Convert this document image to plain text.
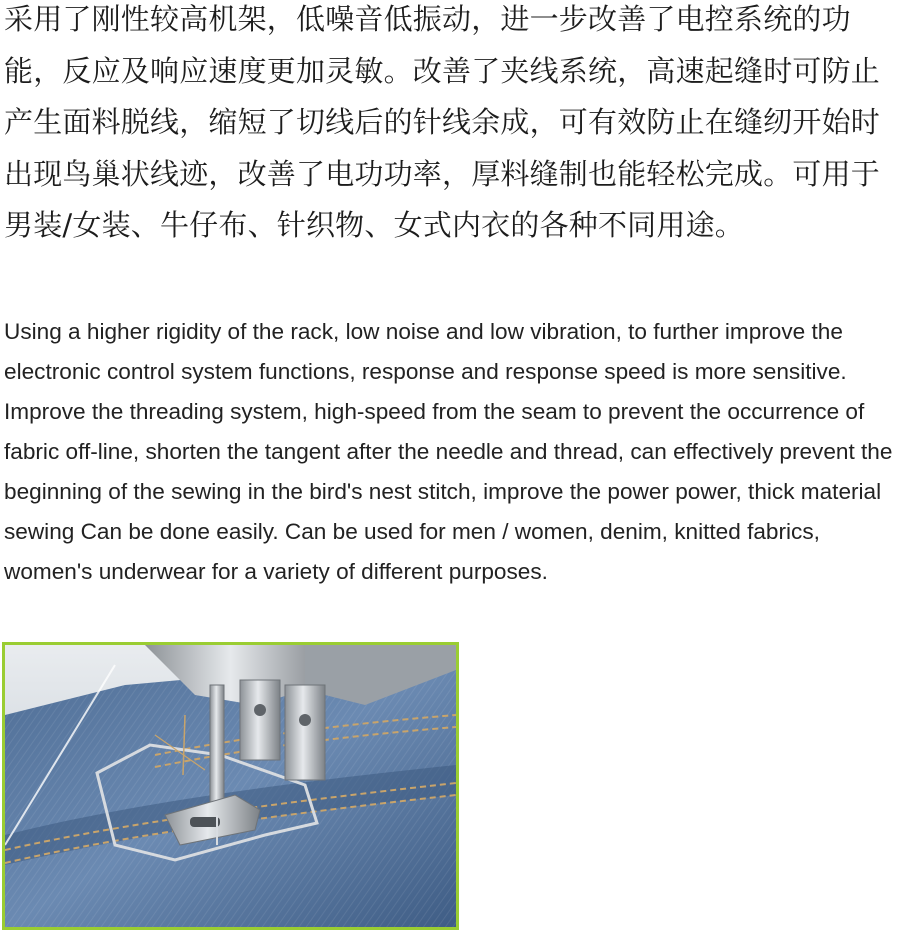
采用了刚性较高机架，低噪音低振动，进一步改善了电控系统的功能，反应及响应速度更加灵敏。改善了夹线系统，高速起缝时可防止产生面料脱线，缩短了切线后的针线余成，可有效防止在缝纫开始时出现鸟巢状线迹，改善了电功功率，厚料缝制也能轻松完成。可用于男装/女装、牛仔布、针织物、女式内衣的各种不同用途。

Using a higher rigidity of the rack, low noise and low vibration, to further improve the electronic control system functions, response and response speed is more sensitive. Improve the threading system, high-speed from the seam to prevent the occurrence of fabric off-line, shorten the tangent after the needle and thread, can effectively prevent the beginning of the sewing in the bird's nest stitch, improve the power power, thick material sewing Can be done easily. Can be used for men / women, denim, knitted fabrics, women's underwear for a variety of different purposes.
